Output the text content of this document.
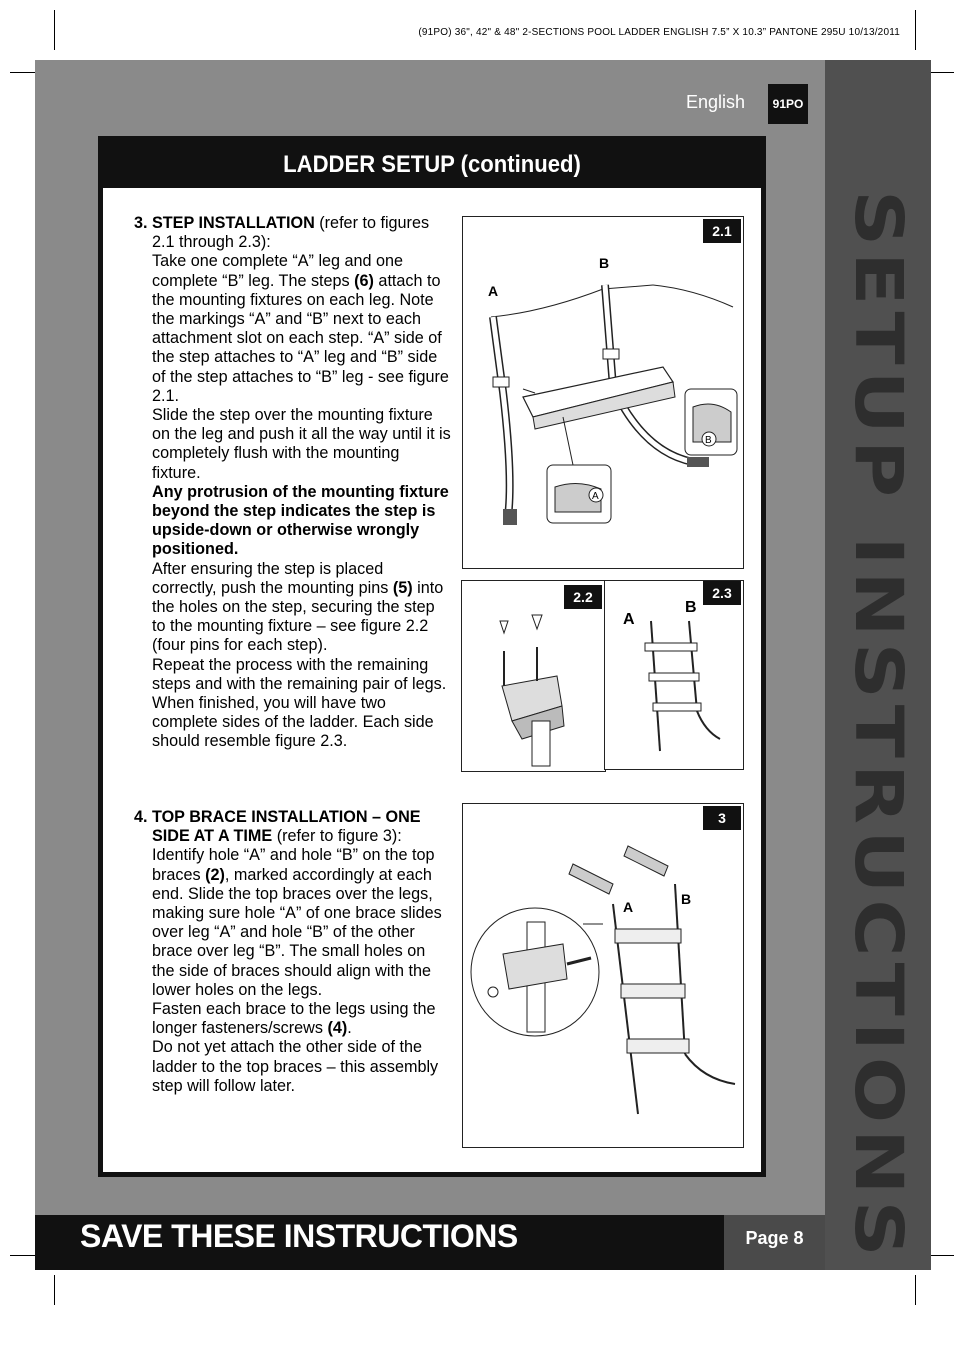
(91PO) 36", 42" & 48" 2-SECTIONS POOL LADDER ENGLISH 7.5” X 10.3” PANTONE 295U 10/13/2011
SETUP INSTRUCTIONS
English	91PO
LADDER SETUP (continued)
3. STEP INSTALLATION (refer to figures 2.1 through 2.3):
Take one complete “A” leg and one complete “B” leg. The steps (6) attach to the mounting fixtures on each leg. Note the markings “A” and “B” next to each attachment slot on each step. “A” side of the step attaches to “A” leg and “B” side of the step attaches to “B” leg - see figure 2.1.
Slide the step over the mounting fixture on the leg and push it all the way until it is completely flush with the mounting fixture.
Any protrusion of the mounting fixture beyond the step indicates the step is upside-down or otherwise wrongly positioned.
After ensuring the step is placed correctly, push the mounting pins (5) into the holes on the step, securing the step to the mounting fixture – see figure 2.2 (four pins for each step).
Repeat the process with the remaining steps and with the remaining pair of legs.
When finished, you will have two complete sides of the ladder. Each side should resemble figure 2.3.
4. TOP BRACE INSTALLATION – ONE SIDE AT A TIME (refer to figure 3):
Identify hole “A” and hole “B” on the top braces (2), marked accordingly at each end. Slide the top braces over the legs, making sure hole “A” of one brace slides over leg “A” and hole “B” of the other brace over leg “B”. The small holes on the side of braces should align with the lower holes on the legs.
Fasten each brace to the legs using the longer fasteners/screws (4).
Do not yet attach the other side of the ladder to the top braces – this assembly step will follow later.
A
B
2.1
A
B
2.2	2.3
A
B
3
A	B
SAVE THESE INSTRUCTIONS	Page 8
